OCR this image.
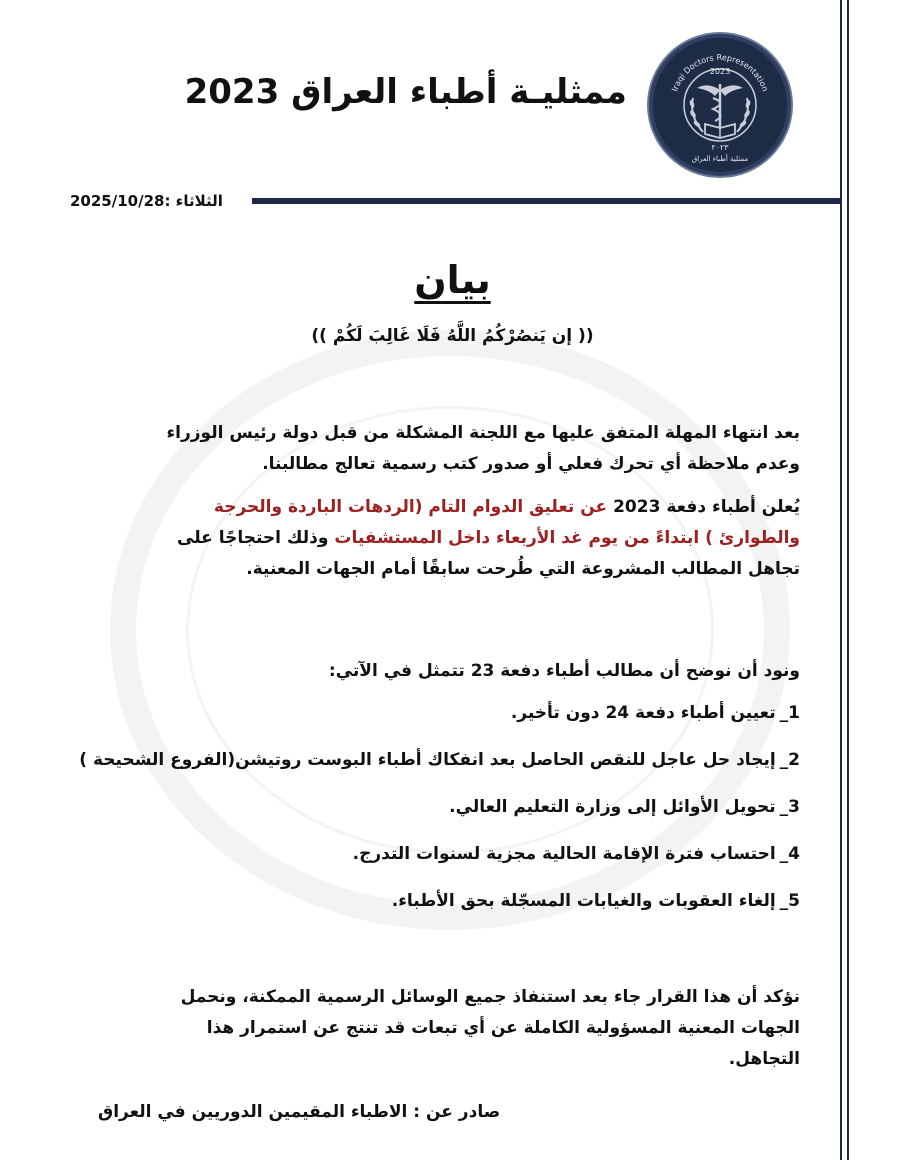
Iraqi Doctors Representation
2023
٢٠٢٣
ممثلية أطباء العراق
ممثليـة أطباء العراق 2023
الثلاثاء :2025/10/28
بيان
(( إن يَنصُرْكُمُ اللَّهُ فَلَا غَالِبَ لَكُمْ ))
بعد انتهاء المهلة المتفق عليها مع اللجنة المشكلة من قبل دولة رئيس الوزراء وعدم ملاحظة أي تحرك فعلي أو صدور كتب رسمية تعالج مطالبنا.
يُعلن أطباء دفعة 2023 عن تعليق الدوام التام (الردهات الباردة والحرجة والطوارئ ) ابتداءً من يوم غد الأربعاء داخل المستشفيات وذلك احتجاجًا على تجاهل المطالب المشروعة التي طُرحت سابقًا أمام الجهات المعنية.
ونود أن نوضح أن مطالب أطباء دفعة 23 تتمثل في الآتي:
1_تعيين أطباء دفعة 24 دون تأخير.
2_إيجاد حل عاجل للنقص الحاصل بعد انفكاك أطباء البوست روتيشن(الفروع الشحيحة )
3_تحويل الأوائل إلى وزارة التعليم العالي.
4_احتساب فترة الإقامة الحالية مجزية لسنوات التدرج.
5_إلغاء العقوبات والغيابات المسجّلة بحق الأطباء.
نؤكد أن هذا القرار جاء بعد استنفاذ جميع الوسائل الرسمية الممكنة، ونحمل الجهات المعنية المسؤولية الكاملة عن أي تبعات قد تنتج عن استمرار هذا التجاهل.
صادر عن : الاطباء المقيمين الدوريين في العراق
